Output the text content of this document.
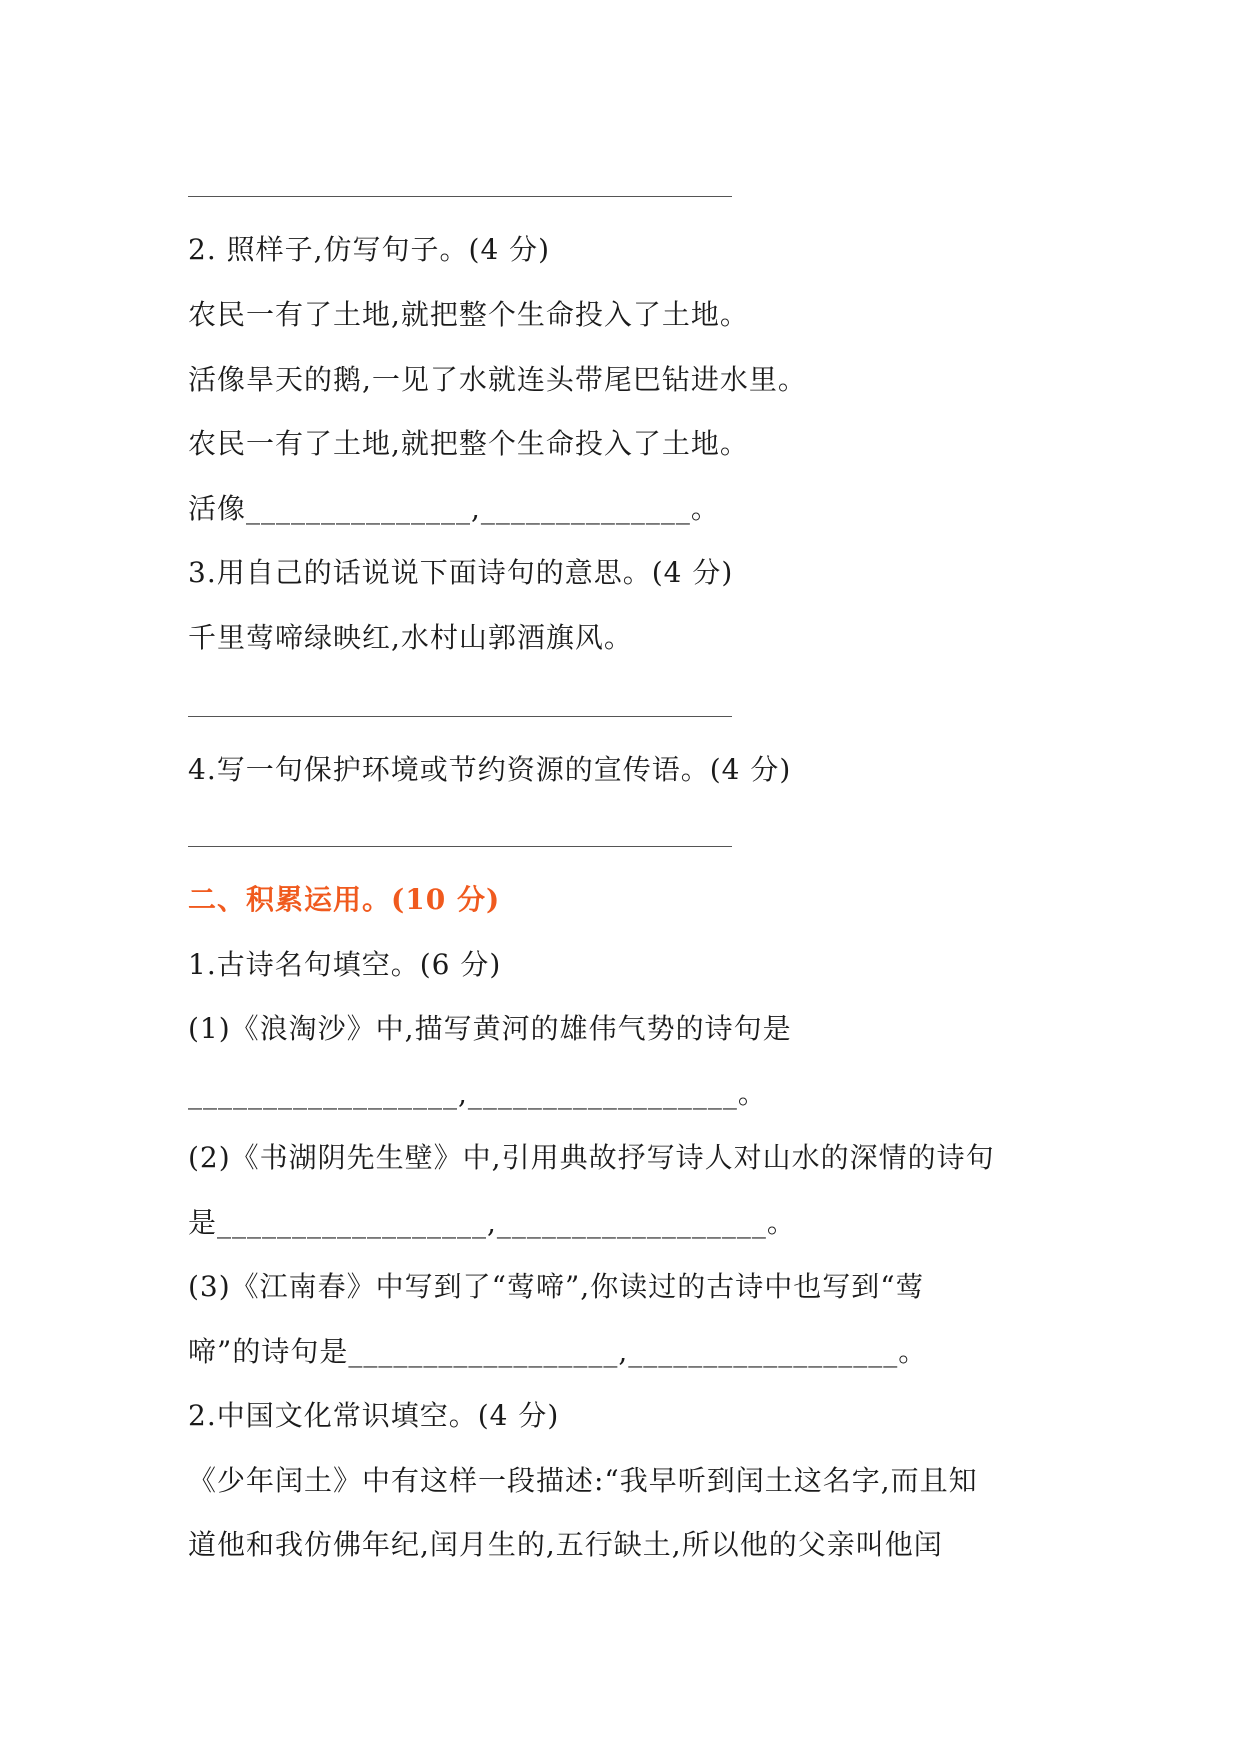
2. 照样子,仿写句子。(4 分)
农民一有了土地,就把整个生命投入了土地。
活像旱天的鹅,一见了水就连头带尾巴钻进水里。
农民一有了土地,就把整个生命投入了土地。
活像_______________,______________。
3.用自己的话说说下面诗句的意思。(4 分)
千里莺啼绿映红,水村山郭酒旗风。
4.写一句保护环境或节约资源的宣传语。(4 分)
二、积累运用。(10 分)
1.古诗名句填空。(6 分)
(1)《浪淘沙》中,描写黄河的雄伟气势的诗句是
__________________,__________________。
(2)《书湖阴先生壁》中,引用典故抒写诗人对山水的深情的诗句
是__________________,__________________。
(3)《江南春》中写到了“莺啼”,你读过的古诗中也写到“莺
啼”的诗句是__________________,__________________。
2.中国文化常识填空。(4 分)
《少年闰土》中有这样一段描述:“我早听到闰土这名字,而且知
道他和我仿佛年纪,闰月生的,五行缺土,所以他的父亲叫他闰
